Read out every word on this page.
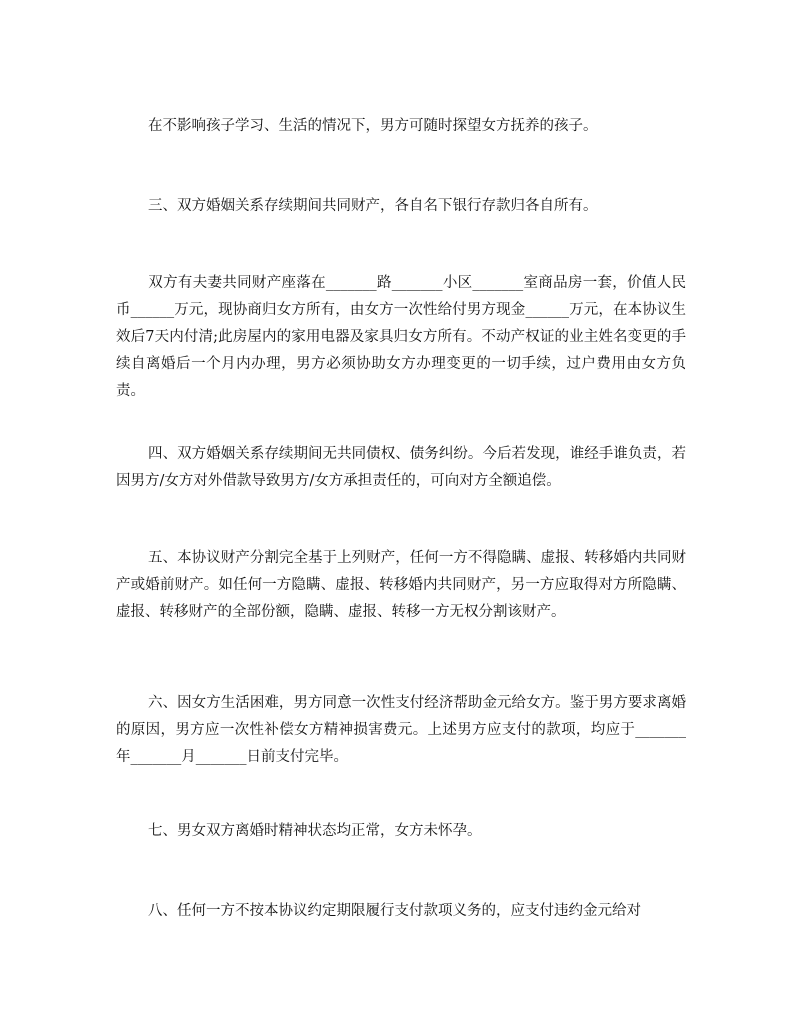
在不影响孩子学习、生活的情况下，男方可随时探望女方抚养的孩子。

三、双方婚姻关系存续期间共同财产，各自名下银行存款归各自所有。

双方有夫妻共同财产座落在_______路_______小区_______室商品房一套，价值人民币______万元，现协商归女方所有，由女方一次性给付男方现金______万元，在本协议生效后7天内付清;此房屋内的家用电器及家具归女方所有。不动产权证的业主姓名变更的手续自离婚后一个月内办理，男方必须协助女方办理变更的一切手续，过户费用由女方负责。

四、双方婚姻关系存续期间无共同债权、债务纠纷。今后若发现，谁经手谁负责，若因男方/女方对外借款导致男方/女方承担责任的，可向对方全额追偿。

五、本协议财产分割完全基于上列财产，任何一方不得隐瞒、虚报、转移婚内共同财产或婚前财产。如任何一方隐瞒、虚报、转移婚内共同财产，另一方应取得对方所隐瞒、虚报、转移财产的全部份额，隐瞒、虚报、转移一方无权分割该财产。

六、因女方生活困难，男方同意一次性支付经济帮助金元给女方。鉴于男方要求离婚的原因，男方应一次性补偿女方精神损害费元。上述男方应支付的款项，均应于_______年_______月_______日前支付完毕。

七、男女双方离婚时精神状态均正常，女方未怀孕。

八、任何一方不按本协议约定期限履行支付款项义务的，应支付违约金元给对
